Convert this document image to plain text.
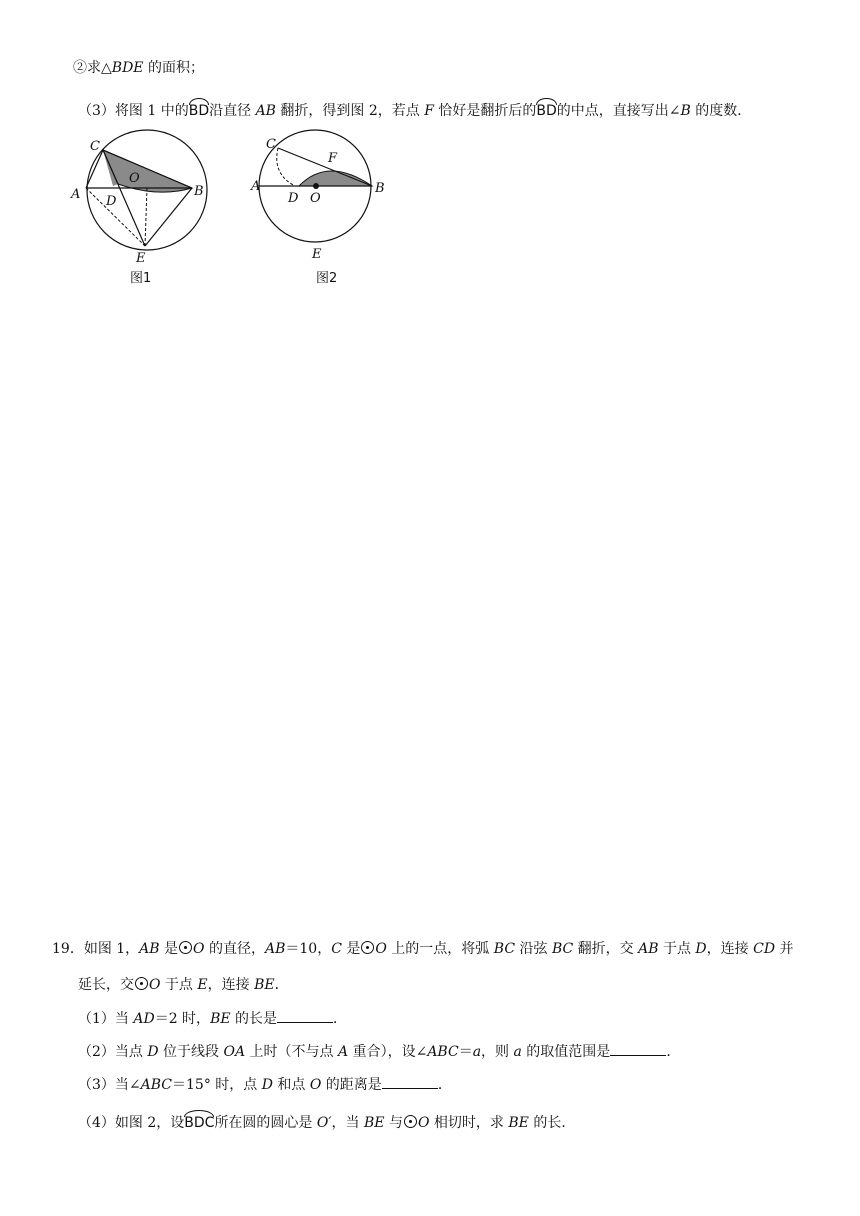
②求△BDE 的面积；
（3）将图 1 中的BD沿直径 AB 翻折，得到图 2，若点 F 恰好是翻折后的BD的中点，直接写出∠B 的度数．
C
A
O
D
B
E
图1
C
F
A
D O
B
E
图2
19．如图 1，AB 是 O 的直径，AB＝10，C 是 O 上的一点，将弧 BC 沿弦 BC 翻折，交 AB 于点 D，连接 CD 并
延长，交 O 于点 E，连接 BE．
（1）当 AD＝2 时，BE 的长是	．
（2）当点 D 位于线段 OA 上时（不与点 A 重合），设∠ABC＝a，则 a 的取值范围是	．
（3）当∠ABC＝15° 时，点 D 和点 O 的距离是	．
（4）如图 2，设BDC所在圆的圆心是 O′，当 BE 与 O 相切时，求 BE 的长．
